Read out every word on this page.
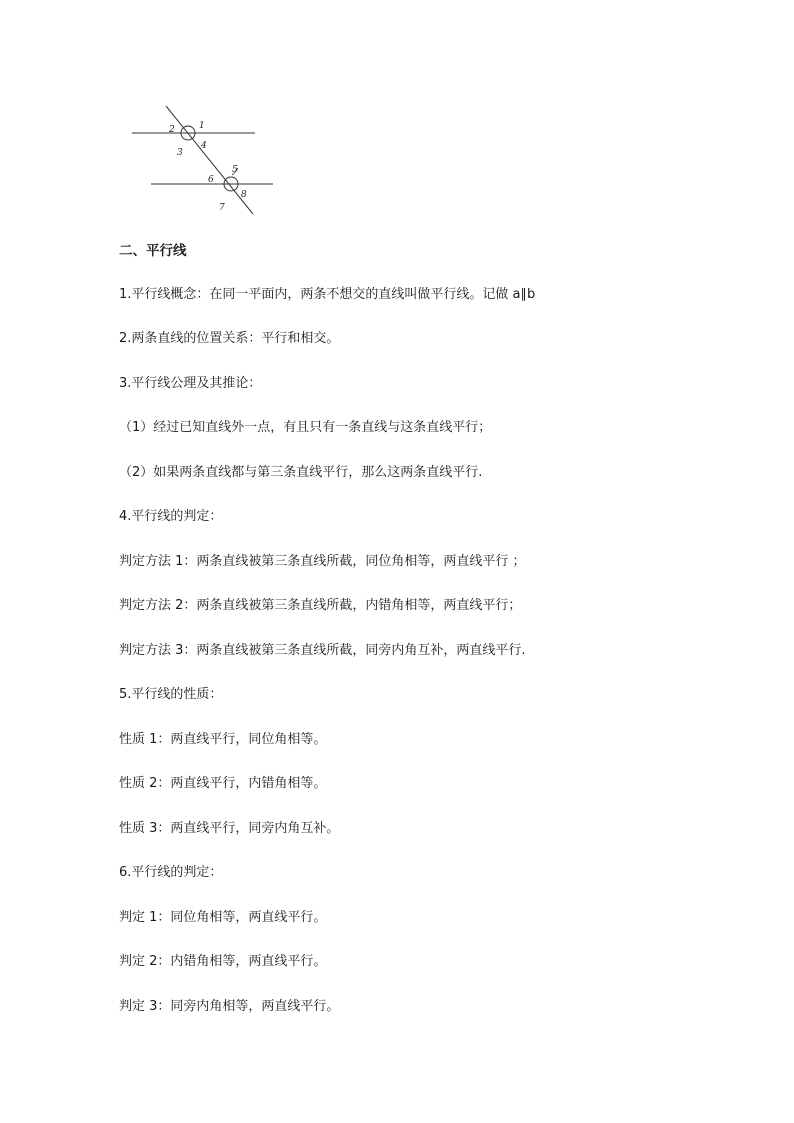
1
2
3
4
5
6
7
8
二、平行线
1.平行线概念：在同一平面内，两条不想交的直线叫做平行线。记做 a∥b
2.两条直线的位置关系：平行和相交。
3.平行线公理及其推论：
（1）经过已知直线外一点，有且只有一条直线与这条直线平行；
（2）如果两条直线都与第三条直线平行，那么这两条直线平行.
4.平行线的判定：
判定方法 1：两条直线被第三条直线所截，同位角相等，两直线平行 ；
判定方法 2：两条直线被第三条直线所截，内错角相等，两直线平行；
判定方法 3：两条直线被第三条直线所截，同旁内角互补，两直线平行.
5.平行线的性质：
性质 1：两直线平行，同位角相等。
性质 2：两直线平行，内错角相等。
性质 3：两直线平行，同旁内角互补。
6.平行线的判定：
判定 1：同位角相等，两直线平行。
判定 2：内错角相等，两直线平行。
判定 3：同旁内角相等，两直线平行。
